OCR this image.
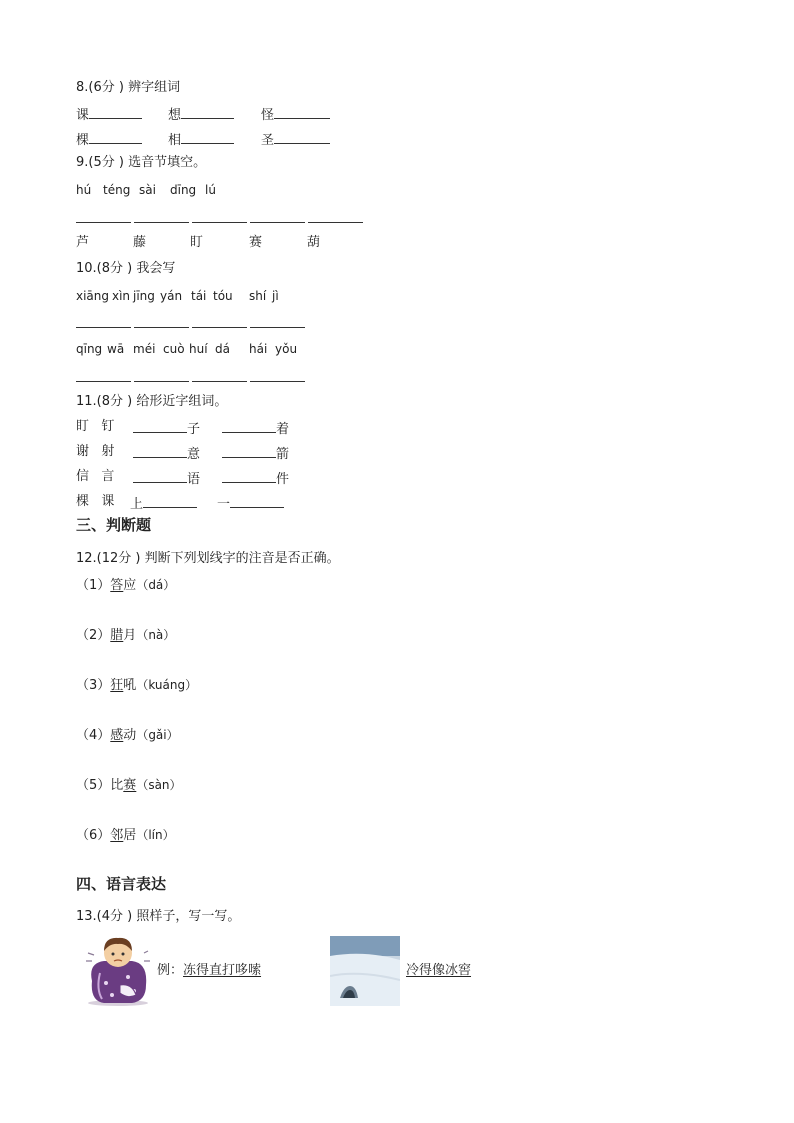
8.(6分 ) 辨字组词
课	想	怪
棵	相	圣
9.(5分 ) 选音节填空。
hú téng sài dīng lú
芦	藤	盯	赛	葫
10.(8分 ) 我会写
xiāng xìn jīng yán tái tóu shí jì
qīng wā méi cuò huí dá hái yǒu
11.(8分 ) 给形近字组词。
盯 钉	子	着
谢 射	意	箭
信 言	语	件
棵 课 上	一
三、判断题
12.(12分 ) 判断下列划线字的注音是否正确。
（1）答应（dá）
（2）腊月（nà）
（3）狂吼（kuáng）
（4）感动（gǎi）
（5）比赛（sàn）
（6）邻居（lín）
四、语言表达
13.(4分 ) 照样子，写一写。
例：冻得直打哆嗦	冷得像冰窖
